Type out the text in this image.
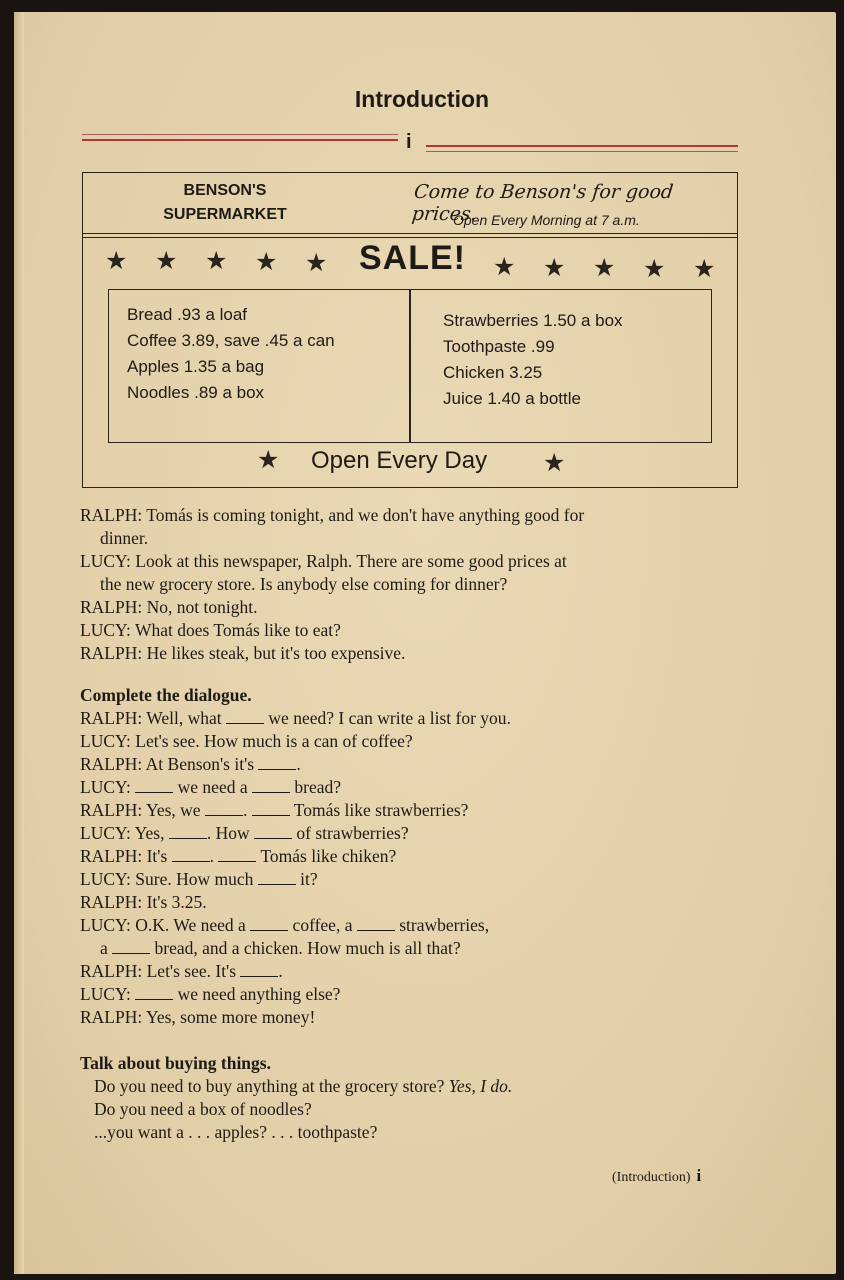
Introduction
i
BENSON'S
SUPERMARKET
Come to Benson's for good prices.
Open Every Morning at 7 a.m.
★ ★ ★ ★ ★ SALE! ★ ★ ★ ★ ★
Bread .93 a loaf
Coffee 3.89, save .45 a can
Apples 1.35 a bag
Noodles .89 a box
Strawberries 1.50 a box
Toothpaste .99
Chicken 3.25
Juice 1.40 a bottle
★ Open Every Day ★
RALPH: Tomás is coming tonight, and we don't have anything good for
dinner.
LUCY: Look at this newspaper, Ralph. There are some good prices at
the new grocery store. Is anybody else coming for dinner?
RALPH: No, not tonight.
LUCY: What does Tomás like to eat?
RALPH: He likes steak, but it's too expensive.
Complete the dialogue.
RALPH: Well, what	we need? I can write a list for you.
LUCY: Let's see. How much is a can of coffee?
RALPH: At Benson's it's .
LUCY:	we need a	bread?
RALPH: Yes, we .	Tomás like strawberries?
LUCY: Yes, . How	of strawberries?
RALPH: It's .	Tomás like chiken?
LUCY: Sure. How much	it?
RALPH: It's 3.25.
LUCY: O.K. We need a	coffee, a	strawberries,
a	bread, and a chicken. How much is all that?
RALPH: Let's see. It's .
LUCY:	we need anything else?
RALPH: Yes, some more money!
Talk about buying things.
Do you need to buy anything at the grocery store? Yes, I do.
Do you need a box of noodles?
...you want a . . . apples? . . . toothpaste?
(Introduction) i
